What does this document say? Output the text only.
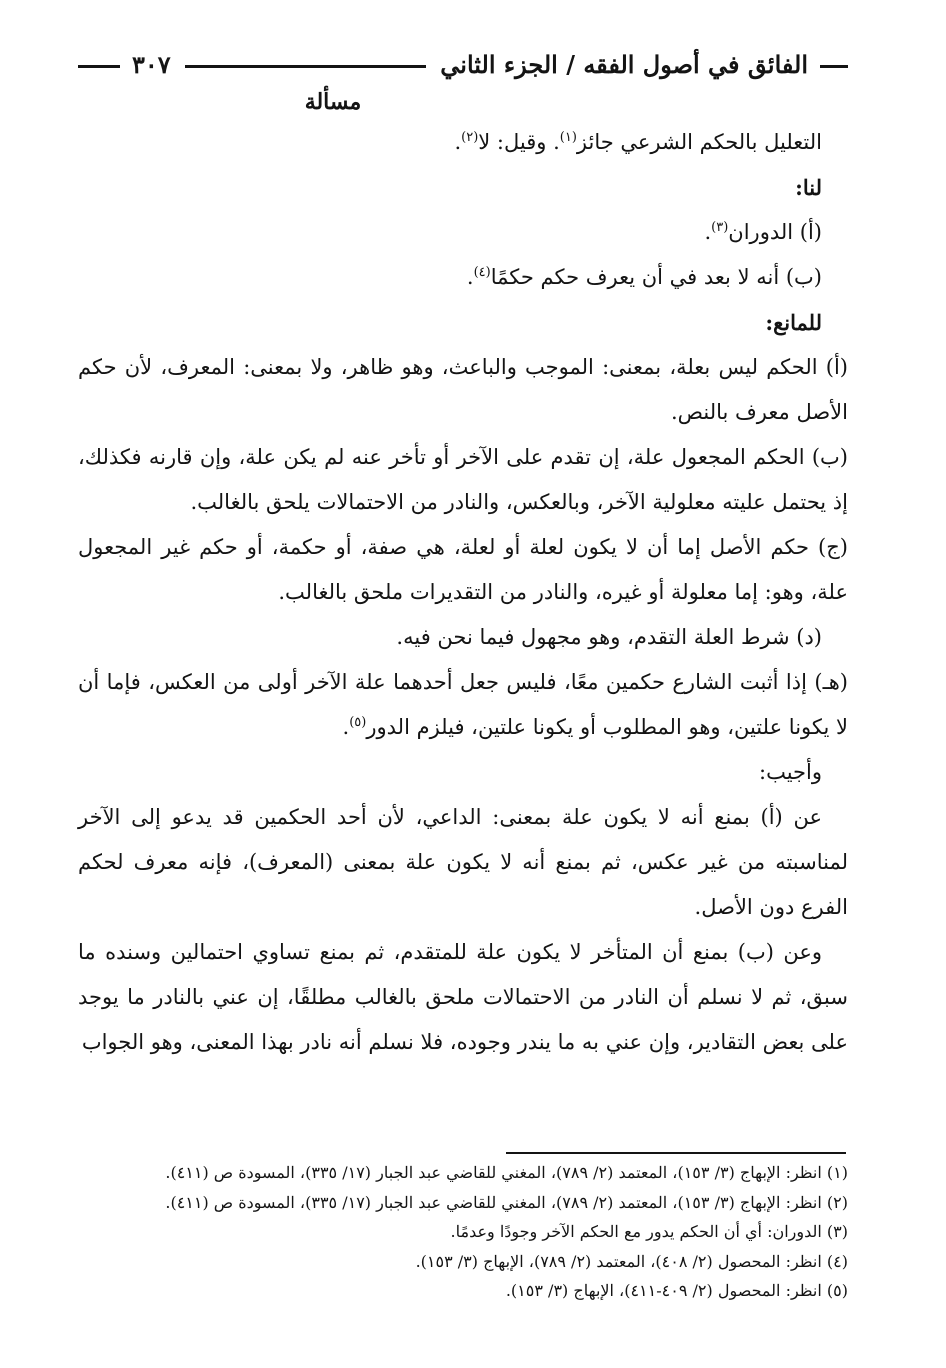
الفائق في أصول الفقه / الجزء الثاني
٣٠٧

مسألة

التعليل بالحكم الشرعي جائز$^{(١)}$. وقيل: لا$^{(٢)}$.

لنا:

(أ) الدوران$^{(٣)}$.

(ب) أنه لا بعد في أن يعرف حكم حكمًا$^{(٤)}$.

للمانع:

(أ) الحكم ليس بعلة، بمعنى: الموجب والباعث، وهو ظاهر، ولا بمعنى: المعرف، لأن حكم الأصل معرف بالنص.

(ب) الحكم المجعول علة، إن تقدم على الآخر أو تأخر عنه لم يكن علة، وإن قارنه فكذلك، إذ يحتمل عليته معلولية الآخر، وبالعكس، والنادر من الاحتمالات يلحق بالغالب.

(ج) حكم الأصل إما أن لا يكون لعلة أو لعلة، هي صفة، أو حكمة، أو حكم غير المجعول علة، وهو: إما معلولة أو غيره، والنادر من التقديرات ملحق بالغالب.

(د) شرط العلة التقدم، وهو مجهول فيما نحن فيه.

(هـ) إذا أثبت الشارع حكمين معًا، فليس جعل أحدهما علة الآخر أولى من العكس، فإما أن لا يكونا علتين، وهو المطلوب أو يكونا علتين، فيلزم الدور$^{(٥)}$.

وأجيب:

عن (أ) بمنع أنه لا يكون علة بمعنى: الداعي، لأن أحد الحكمين قد يدعو إلى الآخر لمناسبته من غير عكس، ثم بمنع أنه لا يكون علة بمعنى (المعرف)، فإنه معرف لحكم الفرع دون الأصل.

وعن (ب) بمنع أن المتأخر لا يكون علة للمتقدم، ثم بمنع تساوي احتمالين وسنده ما سبق، ثم لا نسلم أن النادر من الاحتمالات ملحق بالغالب مطلقًا، إن عني بالنادر ما يوجد على بعض التقادير، وإن عني به ما يندر وجوده، فلا نسلم أنه نادر بهذا المعنى، وهو الجواب

(١) انظر: الإبهاج (٣/ ١٥٣)، المعتمد (٢/ ٧٨٩)، المغني للقاضي عبد الجبار (١٧/ ٣٣٥)، المسودة ص (٤١١).

(٢) انظر: الإبهاج (٣/ ١٥٣)، المعتمد (٢/ ٧٨٩)، المغني للقاضي عبد الجبار (١٧/ ٣٣٥)، المسودة ص (٤١١).

(٣) الدوران: أي أن الحكم يدور مع الحكم الآخر وجودًا وعدمًا.

(٤) انظر: المحصول (٢/ ٤٠٨)، المعتمد (٢/ ٧٨٩)، الإبهاج (٣/ ١٥٣).

(٥) انظر: المحصول (٢/ ٤٠٩-٤١١)، الإبهاج (٣/ ١٥٣).
